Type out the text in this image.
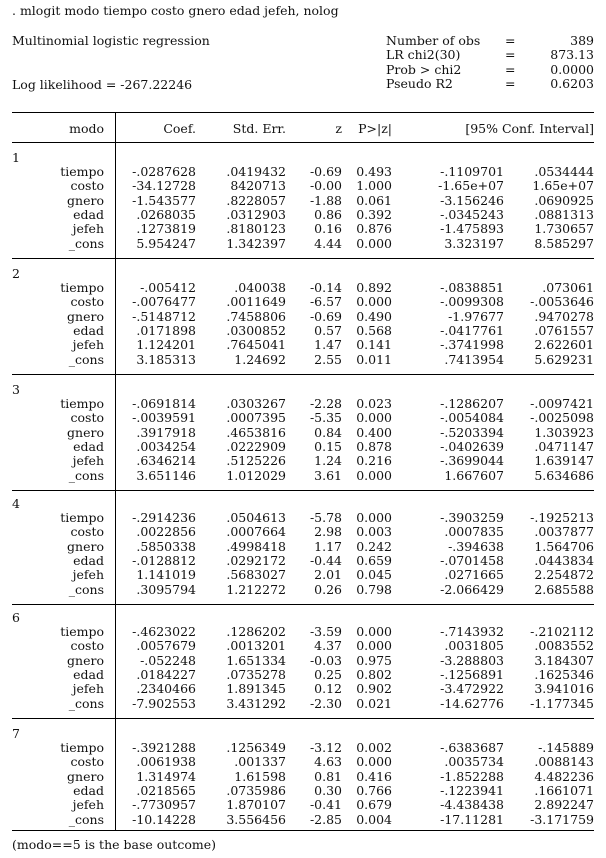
. mlogit modo tiempo costo gnero edad jefeh, nolog
Multinomial logistic regression
Log likelihood = -267.22246
Number of obs =	389
LR chi2(30)	=	873.13
Prob > chi2	=	0.0000
Pseudo R2	=	0.6203
modo	Coef.	Std. Err.	z	P>|z|	[95% Conf. Interval]
1
tiempo	-.0287628	.0419432	-0.69	0.493	-.1109701	.0534444
costo	-34.12728	8420713	-0.00	1.000	-1.65e+07	1.65e+07
gnero	-1.543577	.8228057	-1.88	0.061	-3.156246	.0690925
edad	.0268035	.0312903	0.86	0.392	-.0345243	.0881313
jefeh	.1273819	.8180123	0.16	0.876	-1.475893	1.730657
_cons	5.954247	1.342397	4.44	0.000	3.323197	8.585297
2
tiempo	-.005412	.040038	-0.14	0.892	-.0838851	.073061
costo	-.0076477	.0011649	-6.57	0.000	-.0099308	-.0053646
gnero	-.5148712	.7458806	-0.69	0.490	-1.97677	.9470278
edad	.0171898	.0300852	0.57	0.568	-.0417761	.0761557
jefeh	1.124201	.7645041	1.47	0.141	-.3741998	2.622601
_cons	3.185313	1.24692	2.55	0.011	.7413954	5.629231
3
tiempo	-.0691814	.0303267	-2.28	0.023	-.1286207	-.0097421
costo	-.0039591	.0007395	-5.35	0.000	-.0054084	-.0025098
gnero	.3917918	.4653816	0.84	0.400	-.5203394	1.303923
edad	.0034254	.0222909	0.15	0.878	-.0402639	.0471147
jefeh	.6346214	.5125226	1.24	0.216	-.3699044	1.639147
_cons	3.651146	1.012029	3.61	0.000	1.667607	5.634686
4
tiempo	-.2914236	.0504613	-5.78	0.000	-.3903259	-.1925213
costo	.0022856	.0007664	2.98	0.003	.0007835	.0037877
gnero	.5850338	.4998418	1.17	0.242	-.394638	1.564706
edad	-.0128812	.0292172	-0.44	0.659	-.0701458	.0443834
jefeh	1.141019	.5683027	2.01	0.045	.0271665	2.254872
_cons	.3095794	1.212272	0.26	0.798	-2.066429	2.685588
6
tiempo	-.4623022	.1286202	-3.59	0.000	-.7143932	-.2102112
costo	.0057679	.0013201	4.37	0.000	.0031805	.0083552
gnero	-.052248	1.651334	-0.03	0.975	-3.288803	3.184307
edad	.0184227	.0735278	0.25	0.802	-.1256891	.1625346
jefeh	.2340466	1.891345	0.12	0.902	-3.472922	3.941016
_cons	-7.902553	3.431292	-2.30	0.021	-14.62776	-1.177345
7
tiempo	-.3921288	.1256349	-3.12	0.002	-.6383687	-.145889
costo	.0061938	.001337	4.63	0.000	.0035734	.0088143
gnero	1.314974	1.61598	0.81	0.416	-1.852288	4.482236
edad	.0218565	.0735986	0.30	0.766	-.1223941	.1661071
jefeh	-.7730957	1.870107	-0.41	0.679	-4.438438	2.892247
_cons	-10.14228	3.556456	-2.85	0.004	-17.11281	-3.171759
(modo==5 is the base outcome)
